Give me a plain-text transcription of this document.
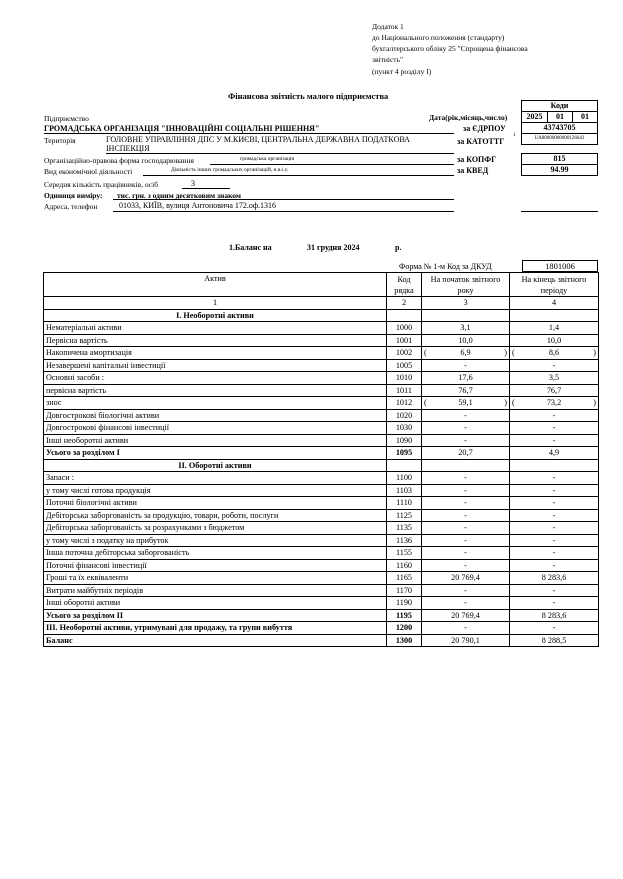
Додаток 1
до Національного положення (стандарту)
бухгалтерського обліку 25 "Спрощена фінансова
звітність"
(пункт 4 розділу I)
Фінансова звітність малого підприємства
Коди
Дата(рік,місяць,число)	2025	01	01
Підприємство
ГРОМАДСЬКА ОРГАНІЗАЦІЯ "ІННОВАЦІЙНІ СОЦІАЛЬНІ РІШЕННЯ"	за ЄДРПОУ	43743705
Територія	ГОЛОВНЕ УПРАВЛІННЯ ДПС У М.КИЄВІ, ЦЕНТРАЛЬНА ДЕРЖАВНА ПОДАТКОВА
ІНСПЕКЦІЯ
за КАТОТТГ
1
UA80000000000126643
Організаційно-правова форма господарювання	громадська організація	за КОПФГ	815
Вид економічної діяльності	Діяльність інших громадських організацій, н.в.і.у.	за КВЕД	94.99
Середня кількість працівників, осіб	3
Одиниця виміру: тис. грн. з одним десятковим знаком
Адреса, телефон	01033, КИЇВ, вулиця Антоновича 172.оф.1316
1.Баланс на	31 грудня 2024	р.
Форма № 1-м Код за ДКУД	1801006
Актив	Код рядка	На початок звітного року	На кінець звітного періоду
1	2	3	4
I. Необоротні активи			
Нематеріальні активи	1000	3,1	1,4
Первісна вартість	1001	10,0	10,0
Накопичена амортизація	1002	( 6,9 )	( 8,6 )

Незавершені капітальні інвестиції	1005	-	-
Основні засоби :	1010	17,6	3,5
первісна вартість	1011	76,7	76,7
знос	1012	( 59,1 )	( 73,2 )

Довгострокові біологічні активи	1020	-	-
Довгострокові фінансові інвестиції	1030	-	-
Інші необоротні активи	1090	-	-
Усього за розділом I	1095	20,7	4,9
II. Оборотні активи			
Запаси :	1100	-	-
у тому числі готова продукція	1103	-	-
Поточні біологічні активи	1110	-	-
Дебіторська заборгованість за продукцію, товари, роботи, послуги	1125	-	-
Дебіторська заборгованість за розрахунками з бюджетом	1135	-	-
у тому числі з податку на прибуток	1136	-	-
Інша поточна дебіторська заборгованість	1155	-	-
Поточні фінансові інвестиції	1160	-	-
Гроші та їх еквіваленти	1165	20 769,4	8 283,6
Витрати майбутніх періодів	1170	-	-
Інші оборотні активи	1190	-	-
Усього за розділом II	1195	20 769,4	8 283,6
III. Необоротні активи, утримувані для продажу, та групи вибуття	1200	-	-
Баланс	1300	20 790,1	8 288,5
